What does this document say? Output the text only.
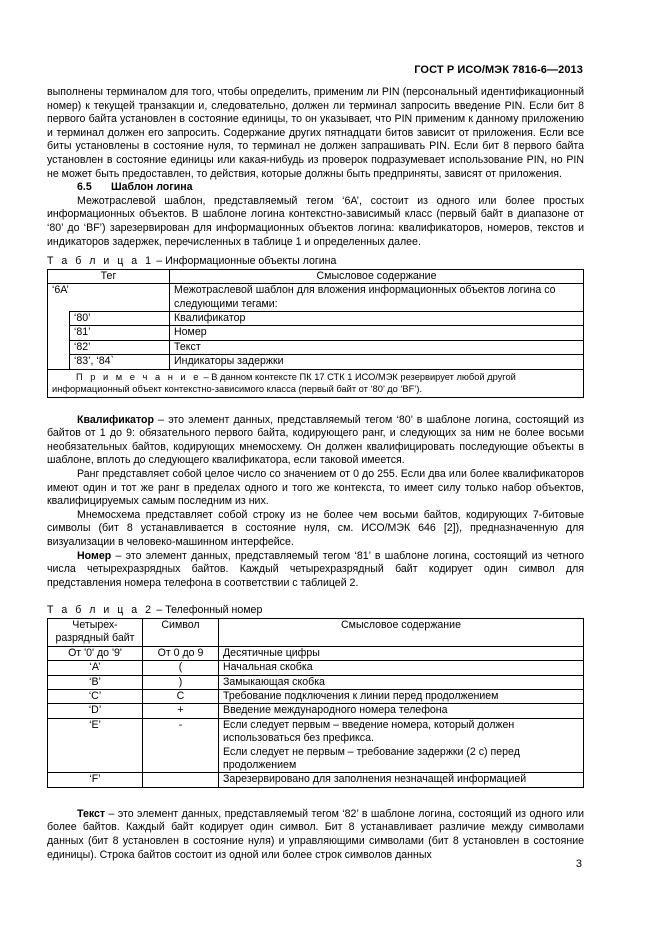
ГОСТ Р ИСО/МЭК 7816-6—2013

выполнены терминалом для того, чтобы определить, применим ли PIN (персональный идентификационный номер) к текущей транзакции и, следовательно, должен ли терминал запросить введение PIN. Если бит 8 первого байта установлен в состояние единицы, то он указывает, что PIN применим к данному приложению и терминал должен его запросить. Содержание других пятнадцати битов зависит от приложения. Если все биты установлены в состояние нуля, то терминал не должен запрашивать PIN. Если бит 8 первого байта установлен в состояние единицы или какая-нибудь из проверок подразумевает использование PIN, но PIN не может быть предоставлен, то действия, которые должны быть предприняты, зависят от приложения.

6.5 Шаблон логина

Межотраслевой шаблон, представляемый тегом ‘6A’, состоит из одного или более простых информационных объектов. В шаблоне логина контекстно-зависимый класс (первый байт в диапазоне от ‘80’ до ‘BF’) зарезервирован для информационных объектов логина: квалификаторов, номеров, текстов и индикаторов задержек, перечисленных в таблице 1 и определенных далее.

Т а б л и ц а 1 – Информационные объекты логина

Тег		Смысловое содержание
‘6A’		Межотраслевой шаблон для вложения информационных объектов логина со следующими тегами:
	‘80’	Квалификатор
	‘81’	Номер
	‘82’	Текст
	‘83’, ‘84`	Индикаторы задержки
П р и м е ч а н и е – В данном контексте ПК 17 СТК 1 ИСО/МЭК резервирует любой другой информационный объект контекстно-зависимого класса (первый байт от ‘80’ до ‘BF’).		

Квалификатор – это элемент данных, представляемый тегом ‘80’ в шаблоне логина, состоящий из байтов от 1 до 9: обязательного первого байта, кодирующего ранг, и следующих за ним не более восьми необязательных байтов, кодирующих мнемосхему. Он должен квалифицировать последующие объекты в шаблоне, вплоть до следующего квалификатора, если таковой имеется.

Ранг представляет собой целое число со значением от 0 до 255. Если два или более квалификаторов имеют один и тот же ранг в пределах одного и того же контекста, то имеет силу только набор объектов, квалифицируемых самым последним из них.

Мнемосхема представляет собой строку из не более чем восьми байтов, кодирующих 7-битовые символы (бит 8 устанавливается в состояние нуля, см. ИСО/МЭК 646 [2]), предназначенную для визуализации в человеко-машинном интерфейсе.

Номер – это элемент данных, представляемый тегом ‘81’ в шаблоне логина, состоящий из четного числа четырехразрядных байтов. Каждый четырехразрядный байт кодирует один символ для представления номера телефона в соответствии с таблицей 2.

Т а б л и ц а 2 – Телефонный номер

Четырех-разрядный байт	Символ	Смысловое содержание
От '0' до '9'	От 0 до 9	Десятичные цифры
‘A’	(	Начальная скобка
‘B’	)	Замыкающая скобка
‘C’	C	Требование подключения к линии перед продолжением
‘D’	+	Введение международного номера телефона
‘E’	-	Если следует первым – введение номера, который должен использоваться без префикса.
Если следует не первым – требование задержки (2 с) перед продолжением

‘F’		Зарезервировано для заполнения незначащей информацией

Текст – это элемент данных, представляемый тегом ‘82’ в шаблоне логина, состоящий из одного или более байтов. Каждый байт кодирует один символ. Бит 8 устанавливает различие между символами данных (бит 8 установлен в состояние нуля) и управляющими символами (бит 8 установлен в состояние единицы). Строка байтов состоит из одной или более строк символов данных

3
